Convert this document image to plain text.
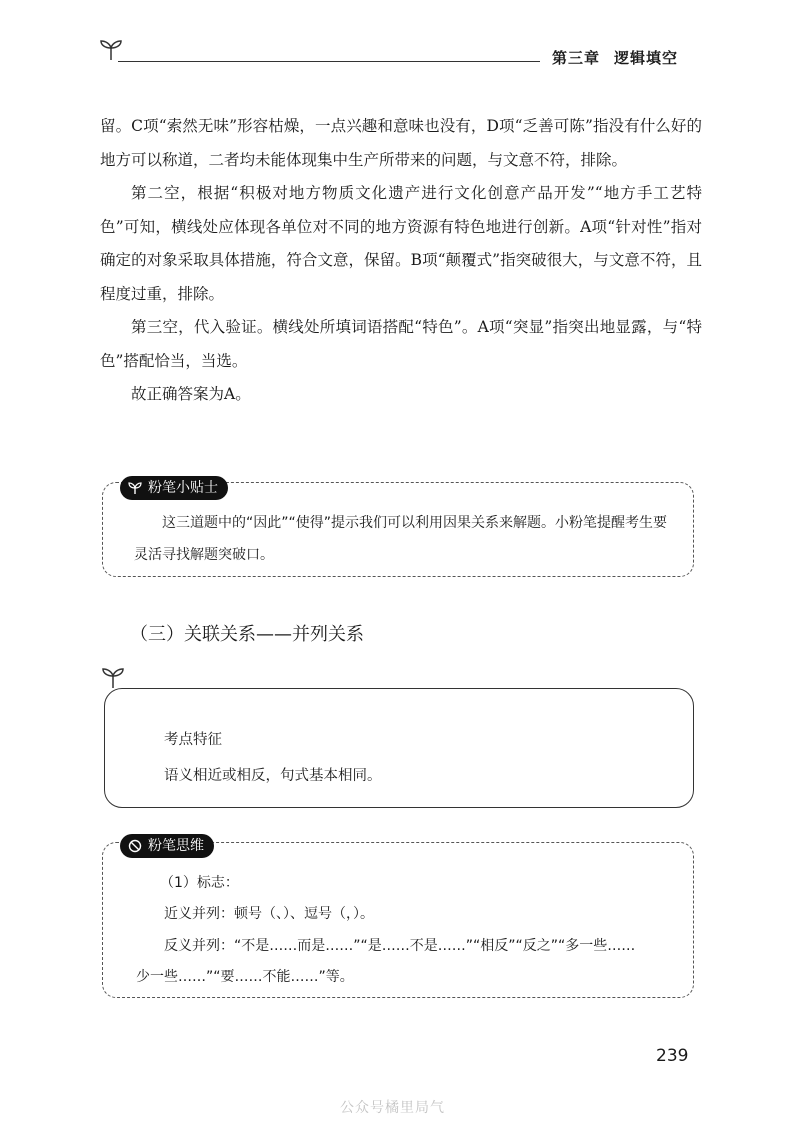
第三章 逻辑填空

留。C项“索然无味”形容枯燥，一点兴趣和意味也没有，D项“乏善可陈”指没有什么好的地方可以称道，二者均未能体现集中生产所带来的问题，与文意不符，排除。

第二空，根据“积极对地方物质文化遗产进行文化创意产品开发”“地方手工艺特色”可知，横线处应体现各单位对不同的地方资源有特色地进行创新。A项“针对性”指对确定的对象采取具体措施，符合文意，保留。B项“颠覆式”指突破很大，与文意不符，且程度过重，排除。

第三空，代入验证。横线处所填词语搭配“特色”。A项“突显”指突出地显露，与“特色”搭配恰当，当选。

故正确答案为A。

粉笔小贴士

这三道题中的“因此”“使得”提示我们可以利用因果关系来解题。小粉笔提醒考生要灵活寻找解题突破口。

（三）关联关系——并列关系
考点特征
语义相近或相反，句式基本相同。
粉笔思维
（1）标志：
近义并列：顿号（、）、逗号（，）。
反义并列：“不是……而是……”“是……不是……”“相反”“反之”“多一些……
少一些……”“要……不能……”等。
239
公众号橘里局气
